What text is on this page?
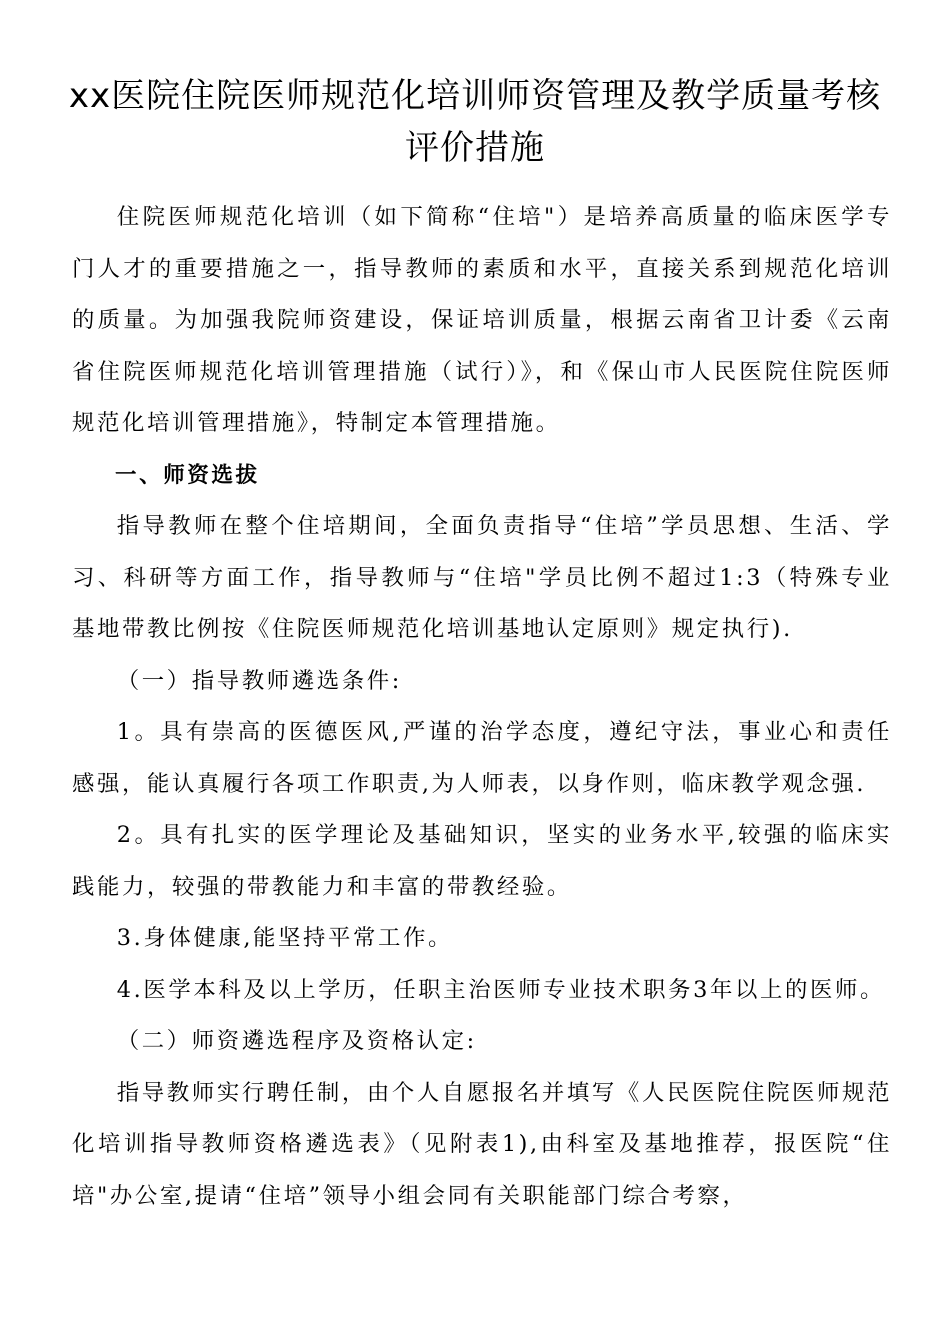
xx医院住院医师规范化培训师资管理及教学质量考核
评价措施

住院医师规范化培训（如下简称“住培"）是培养高质量的临床医学专门人才的重要措施之一，指导教师的素质和水平，直接关系到规范化培训的质量。为加强我院师资建设，保证培训质量，根据云南省卫计委《云南省住院医师规范化培训管理措施（试行）》，和《保山市人民医院住院医师规范化培训管理措施》，特制定本管理措施。

一、师资选拔

指导教师在整个住培期间，全面负责指导“住培”学员思想、生活、学习、科研等方面工作，指导教师与“住培"学员比例不超过1:3（特殊专业基地带教比例按《住院医师规范化培训基地认定原则》规定执行).

（一）指导教师遴选条件:

1。具有崇高的医德医风,严谨的治学态度，遵纪守法，事业心和责任感强，能认真履行各项工作职责,为人师表，以身作则，临床教学观念强.

2。具有扎实的医学理论及基础知识，坚实的业务水平,较强的临床实践能力，较强的带教能力和丰富的带教经验。

3.身体健康,能坚持平常工作。

4.医学本科及以上学历，任职主治医师专业技术职务3年以上的医师。

（二）师资遴选程序及资格认定:

指导教师实行聘任制，由个人自愿报名并填写《人民医院住院医师规范化培训指导教师资格遴选表》（见附表1),由科室及基地推荐，报医院“住培"办公室,提请“住培”领导小组会同有关职能部门综合考察，
